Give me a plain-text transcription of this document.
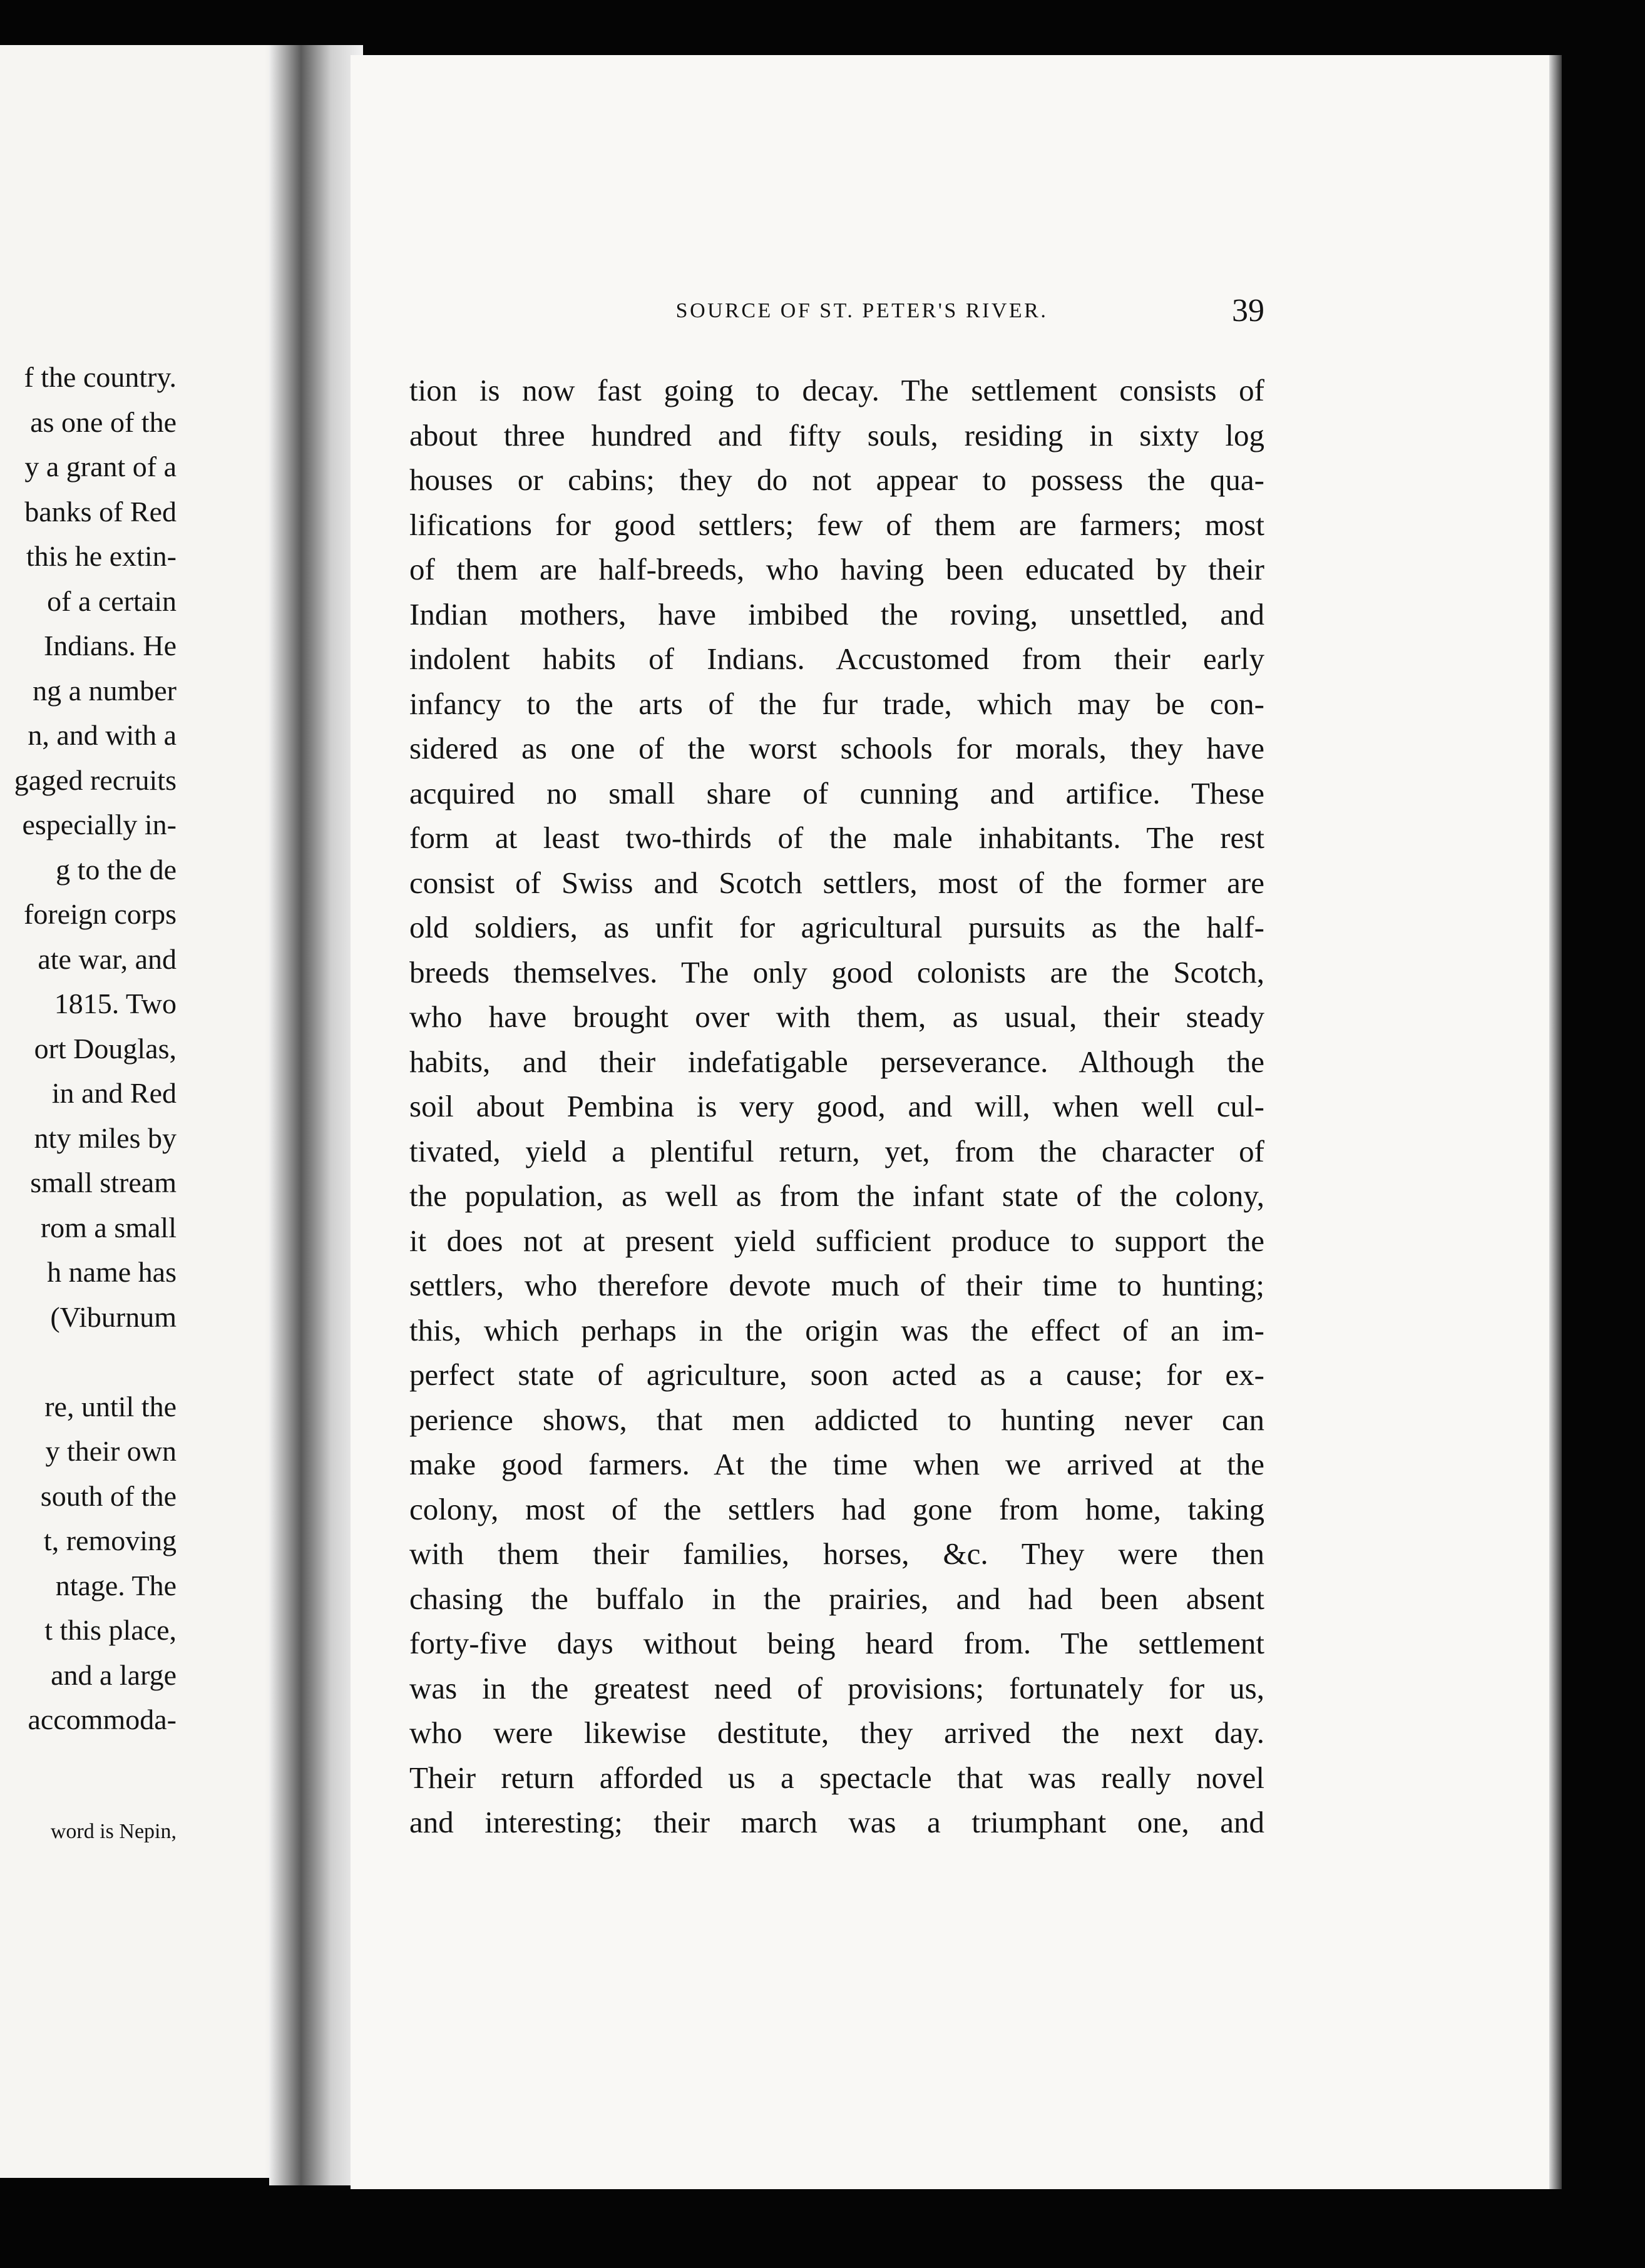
f the country.
as one of the
y a grant of a
banks of Red
this he extin-
of a certain
Indians. He
ng a number
n, and with a
gaged recruits
especially in-
g to the de
foreign corps
ate war, and
1815. Two
ort Douglas,
in and Red
nty miles by
small stream
rom a small
h name has
(Viburnum
re, until the
y their own
south of the
t, removing
ntage. The
t this place,
and a large
accommoda-
word is Nepin,
SOURCE OF ST. PETER'S RIVER.	39
tion is now fast going to decay. The settlement consists of
about three hundred and fifty souls, residing in sixty log
houses or cabins; they do not appear to possess the qua-
lifications for good settlers; few of them are farmers; most
of them are half-breeds, who having been educated by their
Indian mothers, have imbibed the roving, unsettled, and
indolent habits of Indians. Accustomed from their early
infancy to the arts of the fur trade, which may be con-
sidered as one of the worst schools for morals, they have
acquired no small share of cunning and artifice. These
form at least two-thirds of the male inhabitants. The rest
consist of Swiss and Scotch settlers, most of the former are
old soldiers, as unfit for agricultural pursuits as the half-
breeds themselves. The only good colonists are the Scotch,
who have brought over with them, as usual, their steady
habits, and their indefatigable perseverance. Although the
soil about Pembina is very good, and will, when well cul-
tivated, yield a plentiful return, yet, from the character of
the population, as well as from the infant state of the colony,
it does not at present yield sufficient produce to support the
settlers, who therefore devote much of their time to hunting;
this, which perhaps in the origin was the effect of an im-
perfect state of agriculture, soon acted as a cause; for ex-
perience shows, that men addicted to hunting never can
make good farmers. At the time when we arrived at the
colony, most of the settlers had gone from home, taking
with them their families, horses, &c. They were then
chasing the buffalo in the prairies, and had been absent
forty-five days without being heard from. The settlement
was in the greatest need of provisions; fortunately for us,
who were likewise destitute, they arrived the next day.
Their return afforded us a spectacle that was really novel
and interesting; their march was a triumphant one, and
